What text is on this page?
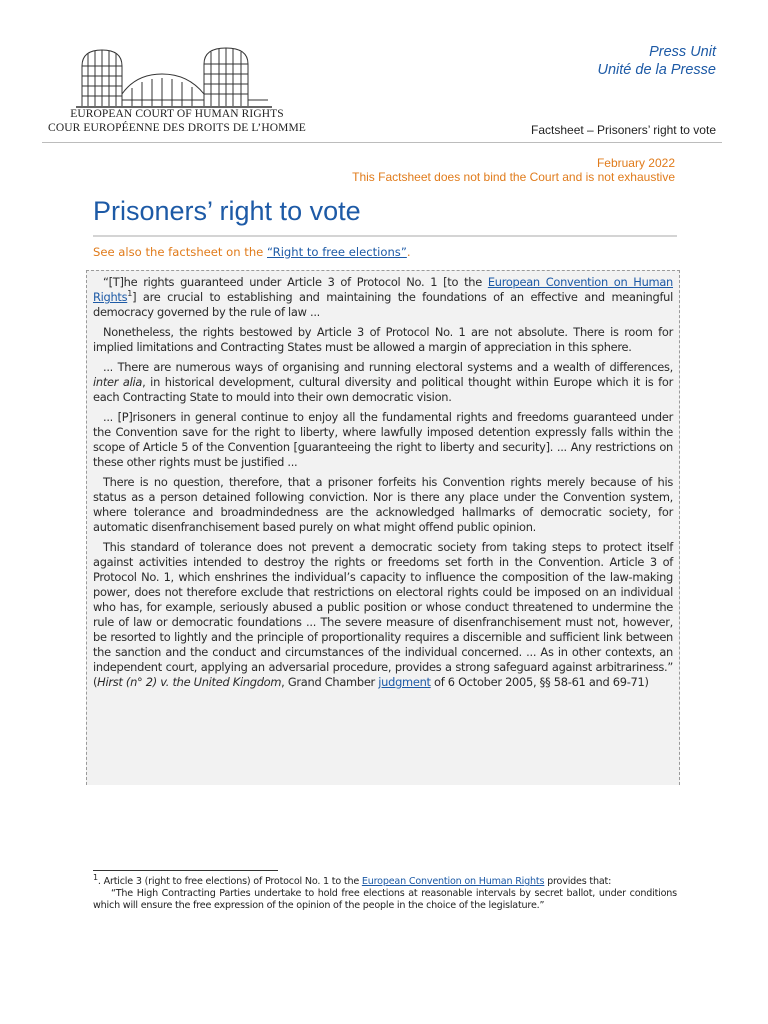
EUROPEAN COURT OF HUMAN RIGHTS
COUR EUROPÉENNE DES DROITS DE L’HOMME
Press Unit
Unité de la Presse
Factsheet – Prisoners’ right to vote
February 2022
This Factsheet does not bind the Court and is not exhaustive
Prisoners’ right to vote
See also the factsheet on the “Right to free elections”.

“[T]he rights guaranteed under Article 3 of Protocol No. 1 [to the European Convention on Human Rights$^1$] are crucial to establishing and maintaining the foundations of an effective and meaningful democracy governed by the rule of law ...

Nonetheless, the rights bestowed by Article 3 of Protocol No. 1 are not absolute. There is room for implied limitations and Contracting States must be allowed a margin of appreciation in this sphere.

... There are numerous ways of organising and running electoral systems and a wealth of differences, inter alia, in historical development, cultural diversity and political thought within Europe which it is for each Contracting State to mould into their own democratic vision.

... [P]risoners in general continue to enjoy all the fundamental rights and freedoms guaranteed under the Convention save for the right to liberty, where lawfully imposed detention expressly falls within the scope of Article 5 of the Convention [guaranteeing the right to liberty and security]. ... Any restrictions on these other rights must be justified ...

There is no question, therefore, that a prisoner forfeits his Convention rights merely because of his status as a person detained following conviction. Nor is there any place under the Convention system, where tolerance and broadmindedness are the acknowledged hallmarks of democratic society, for automatic disenfranchisement based purely on what might offend public opinion.

This standard of tolerance does not prevent a democratic society from taking steps to protect itself against activities intended to destroy the rights or freedoms set forth in the Convention. Article 3 of Protocol No. 1, which enshrines the individual’s capacity to influence the composition of the law-making power, does not therefore exclude that restrictions on electoral rights could be imposed on an individual who has, for example, seriously abused a public position or whose conduct threatened to undermine the rule of law or democratic foundations ... The severe measure of disenfranchisement must not, however, be resorted to lightly and the principle of proportionality requires a discernible and sufficient link between the sanction and the conduct and circumstances of the individual concerned. ... As in other contexts, an independent court, applying an adversarial procedure, provides a strong safeguard against arbitrariness.” (Hirst (n° 2) v. the United Kingdom, Grand Chamber judgment of 6 October 2005, §§ 58-61 and 69-71)

$^1$. Article 3 (right to free elections) of Protocol No. 1 to the European Convention on Human Rights provides that:

“The High Contracting Parties undertake to hold free elections at reasonable intervals by secret ballot, under conditions which will ensure the free expression of the opinion of the people in the choice of the legislature.”
